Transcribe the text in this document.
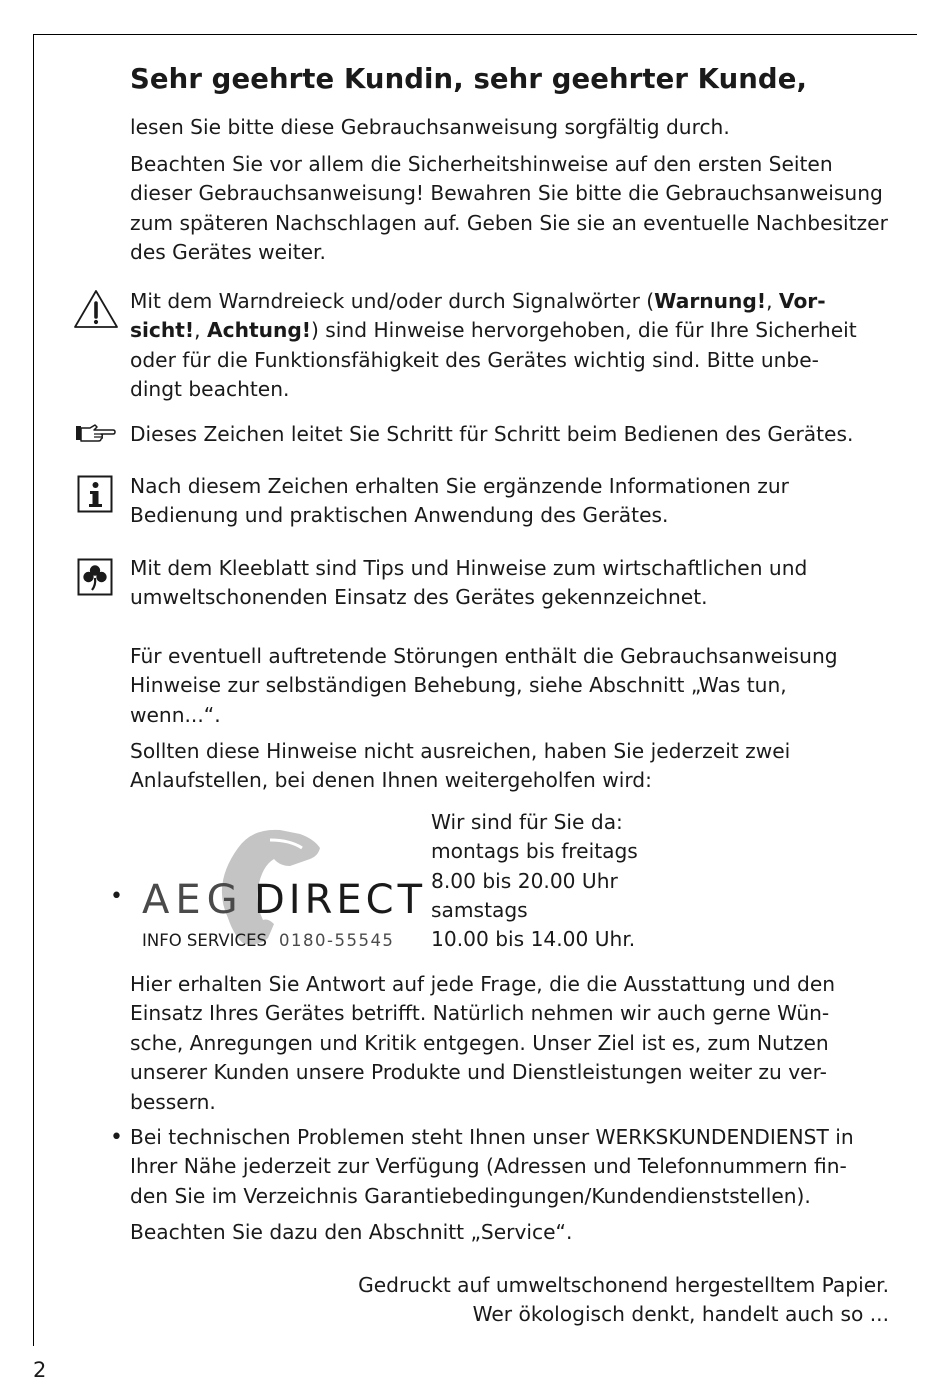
Sehr geehrte Kundin, sehr geehrter Kunde,

lesen Sie bitte diese Gebrauchsanweisung sorgfältig durch.

Beachten Sie vor allem die Sicherheitshinweise auf den ersten Seiten
dieser Gebrauchsanweisung! Bewahren Sie bitte die Gebrauchsanweisung
zum späteren Nachschlagen auf. Geben Sie sie an eventuelle Nachbesitzer
des Gerätes weiter.

Mit dem Warndreieck und/oder durch Signalwörter (Warnung!, Vor-
sicht!, Achtung!) sind Hinweise hervorgehoben, die für Ihre Sicherheit
oder für die Funktionsfähigkeit des Gerätes wichtig sind. Bitte unbe-
dingt beachten.

Dieses Zeichen leitet Sie Schritt für Schritt beim Bedienen des Gerätes.

Nach diesem Zeichen erhalten Sie ergänzende Informationen zur
Bedienung und praktischen Anwendung des Gerätes.

Mit dem Kleeblatt sind Tips und Hinweise zum wirtschaftlichen und
umweltschonenden Einsatz des Gerätes gekennzeichnet.

Für eventuell auftretende Störungen enthält die Gebrauchsanweisung
Hinweise zur selbständigen Behebung, siehe Abschnitt „Was tun,
wenn...“.

Sollten diese Hinweise nicht ausreichen, haben Sie jederzeit zwei
Anlaufstellen, bei denen Ihnen weitergeholfen wird:

• AEG DIRECT
INFO SERVICES 0180-55545

Wir sind für Sie da:
montags bis freitags
8.00 bis 20.00 Uhr
samstags
10.00 bis 14.00 Uhr.

Hier erhalten Sie Antwort auf jede Frage, die die Ausstattung und den
Einsatz Ihres Gerätes betrifft. Natürlich nehmen wir auch gerne Wün-
sche, Anregungen und Kritik entgegen. Unser Ziel ist es, zum Nutzen
unserer Kunden unsere Produkte und Dienstleistungen weiter zu ver-
bessern.

• Bei technischen Problemen steht Ihnen unser WERKSKUNDENDIENST in
Ihrer Nähe jederzeit zur Verfügung (Adressen und Telefonnummern fin-
den Sie im Verzeichnis Garantiebedingungen/Kundendienststellen).

Beachten Sie dazu den Abschnitt „Service“.

Gedruckt auf umweltschonend hergestelltem Papier.
Wer ökologisch denkt, handelt auch so ...

2
